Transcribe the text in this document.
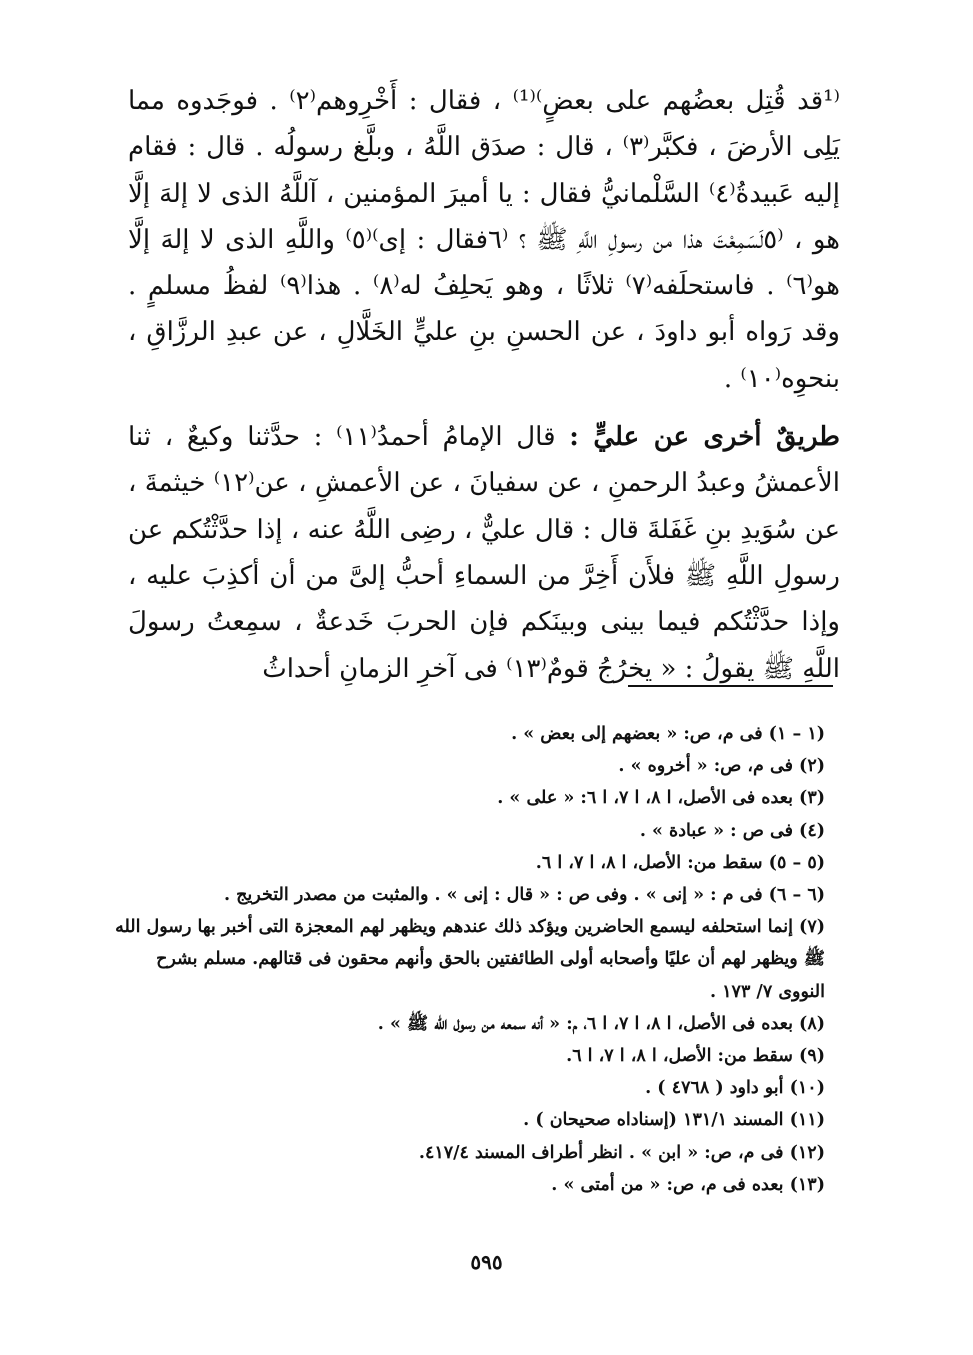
⁽¹قد قُتِل بعضُهم على بعضٍ⁾⁽¹⁾ ، فقال : أَخْرِوهم⁽٢⁾ . فوجَدوه مما يَلِى الأرضَ ، فكبَّر⁽٣⁾ ، قال : صدَق اللَّهُ ، وبلَّغ رسولُه . قال : فقام إليه عَبيدةُ⁽٤⁾ السَّلْمانيُّ فقال : يا أميرَ المؤمنين ، آللَّهُ الذى لا إلهَ إلَّا هو ، ⁽٥لَسَمِعْتَ هذا من رسولِ اللَّهِ ﷺ ؟ ⁽٦فقال : إى⁾⁽٥⁾ واللَّهِ الذى لا إلهَ إلَّا هو⁽٦⁾ . فاستحلَفه⁽٧⁾ ثلاثًا ، وهو يَحلِفُ له⁽٨⁾ . هذا⁽٩⁾ لفظُ مسلمٍ . وقد رَواه أبو داودَ ، عن الحسنِ بنِ عليٍّ الخَلَّالِ ، عن عبدِ الرزَّاقِ ، بنحوِه⁽١٠⁾ .

طريقٌ أخرى عن عليٍّ : قال الإمامُ أحمدُ⁽١١⁾ : حدَّثنا وكيعٌ ، ثنا الأعمشُ وعبدُ الرحمنِ ، عن سفيانَ ، عن الأعمشِ ، عن⁽١٢⁾ خيثمةَ ، عن سُوَيدِ بنِ غَفَلةَ قال : قال عليٌّ ، رضِى اللَّهُ عنه ، إذا حدَّثْتُكم عن رسولِ اللَّهِ ﷺ فلأَن أَخِرَّ من السماءِ أحبُّ إلىَّ من أن أكذِبَ عليه ، وإذا حدَّثْتُكم فيما بينى وبينَكم فإن الحربَ خَدعةٌ ، سمِعتُ رسولَ اللَّهِ ﷺ يقولُ : « يخرُجُ قومٌ⁽١٣⁾ فى آخرِ الزمانِ أحداثُ

(١ – ١) فى م، ص: « بعضهم إلى بعض » .

(٢) فى م، ص: « أخروه » .

(٣) بعده فى الأصل، ا ٨، ا ٧، ا ٦: « على » .

(٤) فى ص : « عبادة » .

(٥ – ٥) سقط من: الأصل، ا ٨، ا ٧، ا ٦.

(٦ – ٦) فى م : « إنى » . وفى ص : « قال : إنى » . والمثبت من مصدر التخريج .

(٧) إنما استحلفه ليسمع الحاضرين ويؤكد ذلك عندهم ويظهر لهم المعجزة التى أخبر بها رسول الله ﷺ ويظهر لهم أن عليًا وأصحابه أولى الطائفتين بالحق وأنهم محقون فى قتالهم. مسلم بشرح النووى ٧/ ١٧٣ .

(٨) بعده فى الأصل، ا ٨، ا ٧، ا ٦، م: « أنه سمعه من رسول الله ﷺ » .

(٩) سقط من: الأصل، ا ٨، ا ٧، ا ٦.

(١٠) أبو داود ( ٤٧٦٨ ) .

(١١) المسند ١٣١/١ (إسناداه صحيحان ) .

(١٢) فى م، ص: « ابن » . انظر أطراف المسند ٤١٧/٤.

(١٣) بعده فى م، ص: « من أمتى » .

٥٩٥
